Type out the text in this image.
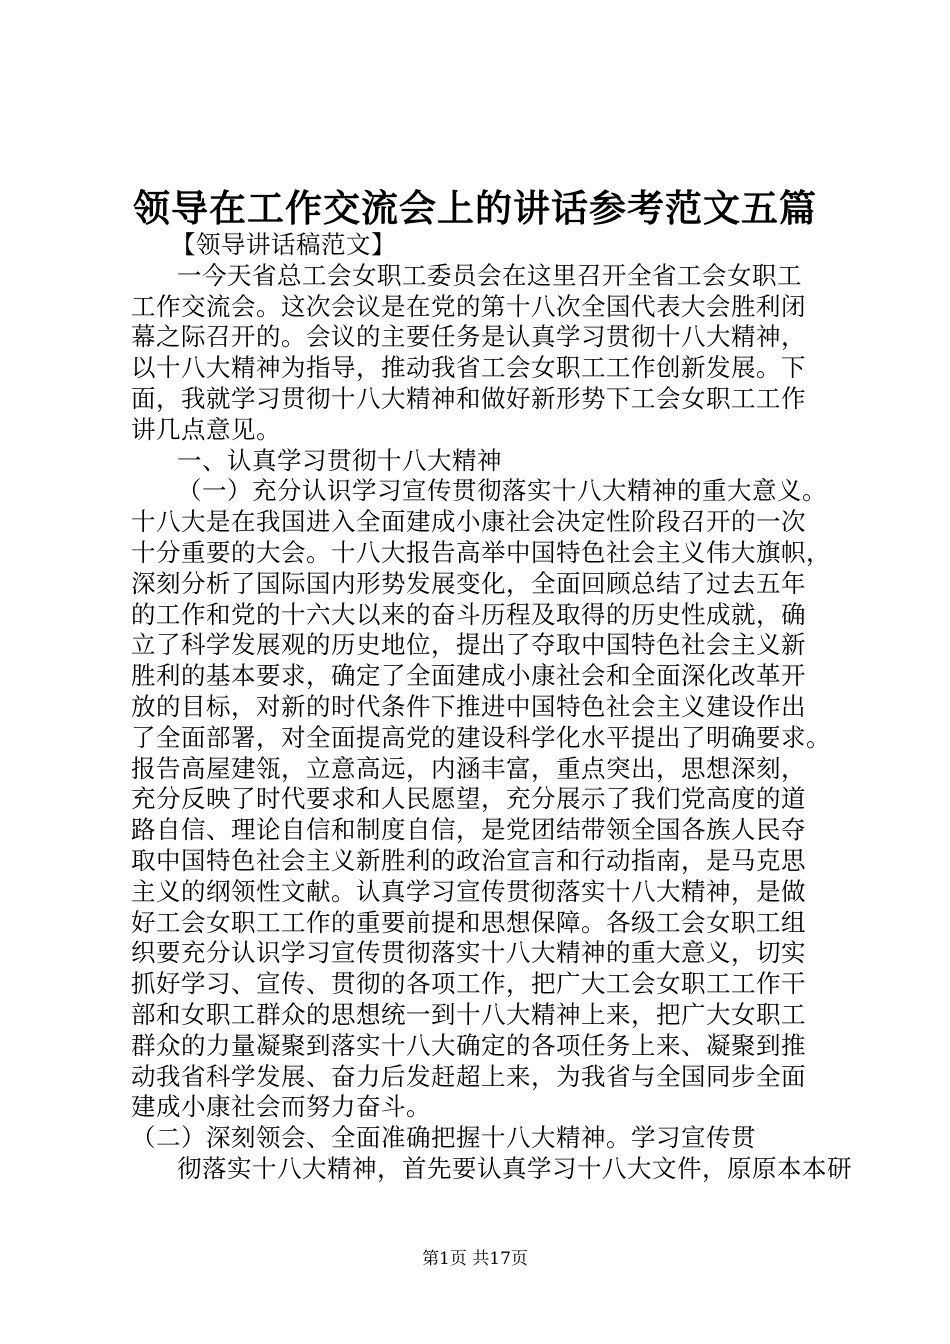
领导在工作交流会上的讲话参考范文五篇
【领导讲话稿范文】
一今天省总工会女职工委员会在这里召开全省工会女职工
工作交流会。这次会议是在党的第十八次全国代表大会胜利闭
幕之际召开的。会议的主要任务是认真学习贯彻十八大精神，
以十八大精神为指导，推动我省工会女职工工作创新发展。下
面，我就学习贯彻十八大精神和做好新形势下工会女职工工作
讲几点意见。
一、认真学习贯彻十八大精神
（一）充分认识学习宣传贯彻落实十八大精神的重大意义。
十八大是在我国进入全面建成小康社会决定性阶段召开的一次
十分重要的大会。十八大报告高举中国特色社会主义伟大旗帜，
深刻分析了国际国内形势发展变化，全面回顾总结了过去五年
的工作和党的十六大以来的奋斗历程及取得的历史性成就，确
立了科学发展观的历史地位，提出了夺取中国特色社会主义新
胜利的基本要求，确定了全面建成小康社会和全面深化改革开
放的目标，对新的时代条件下推进中国特色社会主义建设作出
了全面部署，对全面提高党的建设科学化水平提出了明确要求。
报告高屋建瓴，立意高远，内涵丰富，重点突出，思想深刻，
充分反映了时代要求和人民愿望，充分展示了我们党高度的道
路自信、理论自信和制度自信，是党团结带领全国各族人民夺
取中国特色社会主义新胜利的政治宣言和行动指南，是马克思
主义的纲领性文献。认真学习宣传贯彻落实十八大精神，是做
好工会女职工工作的重要前提和思想保障。各级工会女职工组
织要充分认识学习宣传贯彻落实十八大精神的重大意义，切实
抓好学习、宣传、贯彻的各项工作，把广大工会女职工工作干
部和女职工群众的思想统一到十八大精神上来，把广大女职工
群众的力量凝聚到落实十八大确定的各项任务上来、凝聚到推
动我省科学发展、奋力后发赶超上来，为我省与全国同步全面
建成小康社会而努力奋斗。
（二）深刻领会、全面准确把握十八大精神。学习宣传贯
彻落实十八大精神，首先要认真学习十八大文件，原原本本研
第1页 共17页
